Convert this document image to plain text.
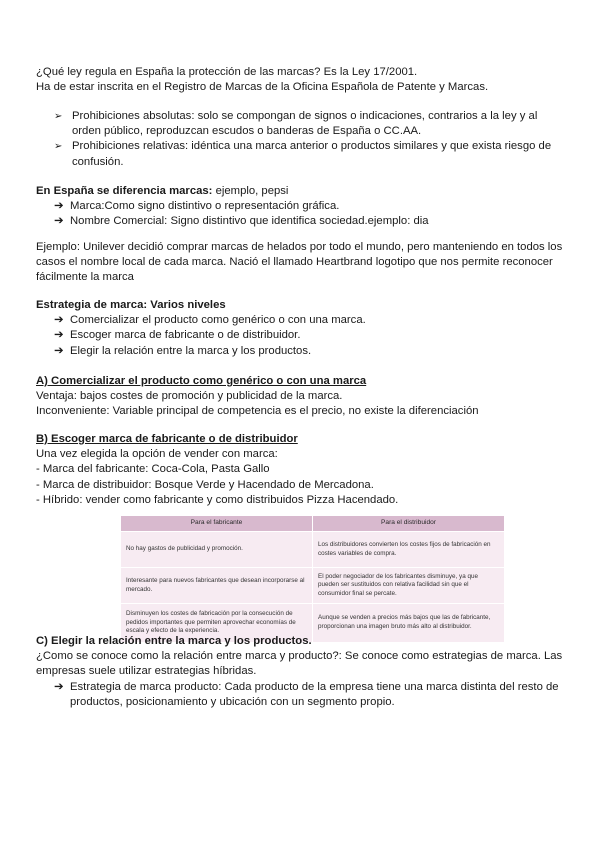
¿Qué ley regula en España la protección de las marcas? Es la Ley 17/2001.

Ha de estar inscrita en el Registro de Marcas de la Oficina Española de Patente y Marcas.

➢ Prohibiciones absolutas: solo se compongan de signos o indicaciones, contrarios a la ley y al orden público, reproduzcan escudos o banderas de España o CC.AA.
➢ Prohibiciones relativas: idéntica una marca anterior o productos similares y que exista riesgo de confusión.

En España se diferencia marcas: ejemplo, pepsi

➔ Marca:Como signo distintivo o representación gráfica.
➔ Nombre Comercial: Signo distintivo que identifica sociedad.ejemplo: dia

Ejemplo: Unilever decidió comprar marcas de helados por todo el mundo, pero manteniendo en todos los casos el nombre local de cada marca. Nació el llamado Heartbrand logotipo que nos permite reconocer fácilmente la marca

Estrategia de marca: Varios niveles

➔ Comercializar el producto como genérico o con una marca.
➔ Escoger marca de fabricante o de distribuidor.
➔ Elegir la relación entre la marca y los productos.

A) Comercializar el producto como genérico o con una marca

Ventaja: bajos costes de promoción y publicidad de la marca.

Inconveniente: Variable principal de competencia es el precio, no existe la diferenciación

B) Escoger marca de fabricante o de distribuidor

Una vez elegida la opción de vender con marca:

- Marca del fabricante: Coca-Cola, Pasta Gallo

- Marca de distribuidor: Bosque Verde y Hacendado de Mercadona.

- Híbrido: vender como fabricante y como distribuidos Pizza Hacendado.

Para el fabricante	Para el distribuidor
No hay gastos de publicidad y promoción.	Los distribuidores convierten los costes fijos de fabricación en costes variables de compra.
Interesante para nuevos fabricantes que desean incorporarse al mercado.	El poder negociador de los fabricantes disminuye, ya que pueden ser sustituidos con relativa facilidad sin que el consumidor final se percate.
Disminuyen los costes de fabricación por la consecución de pedidos importantes que permiten aprovechar economías de escala y efecto de la experiencia.	Aunque se venden a precios más bajos que las de fabricante, proporcionan una imagen bruto más alto al distribuidor.

C) Elegir la relación entre la marca y los productos.

¿Como se conoce como la relación entre marca y producto?: Se conoce como estrategias de marca. Las empresas suele utilizar estrategias híbridas.

➔ Estrategia de marca producto: Cada producto de la empresa tiene una marca distinta del resto de productos, posicionamiento y ubicación con un segmento propio.
